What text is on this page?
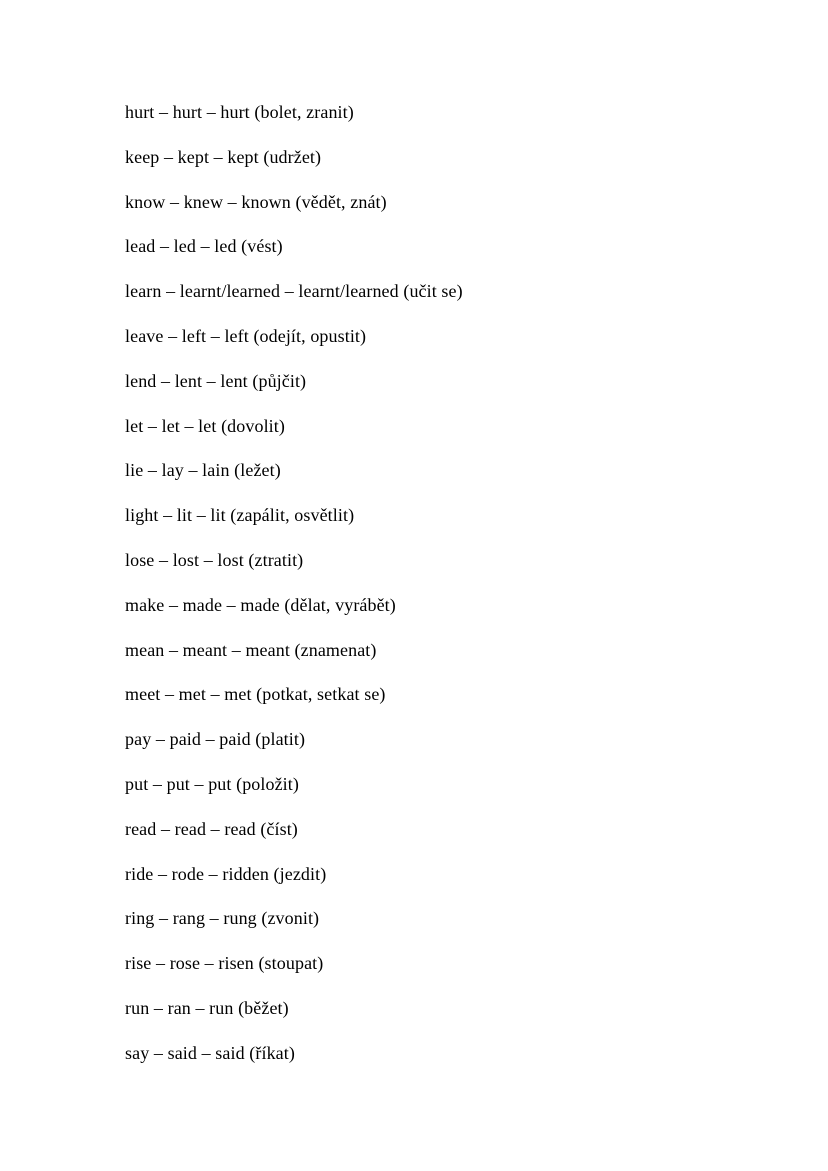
hurt – hurt – hurt (bolet, zranit)
keep – kept – kept (udržet)
know – knew – known (vědět, znát)
lead – led – led (vést)
learn – learnt/learned – learnt/learned (učit se)
leave – left – left (odejít, opustit)
lend – lent – lent (půjčit)
let – let – let (dovolit)
lie – lay – lain (ležet)
light – lit – lit (zapálit, osvětlit)
lose – lost – lost (ztratit)
make – made – made (dělat, vyrábět)
mean – meant – meant (znamenat)
meet – met – met (potkat, setkat se)
pay – paid – paid (platit)
put – put – put (položit)
read – read – read (číst)
ride – rode – ridden (jezdit)
ring – rang – rung (zvonit)
rise – rose – risen (stoupat)
run – ran – run (běžet)
say – said – said (říkat)
